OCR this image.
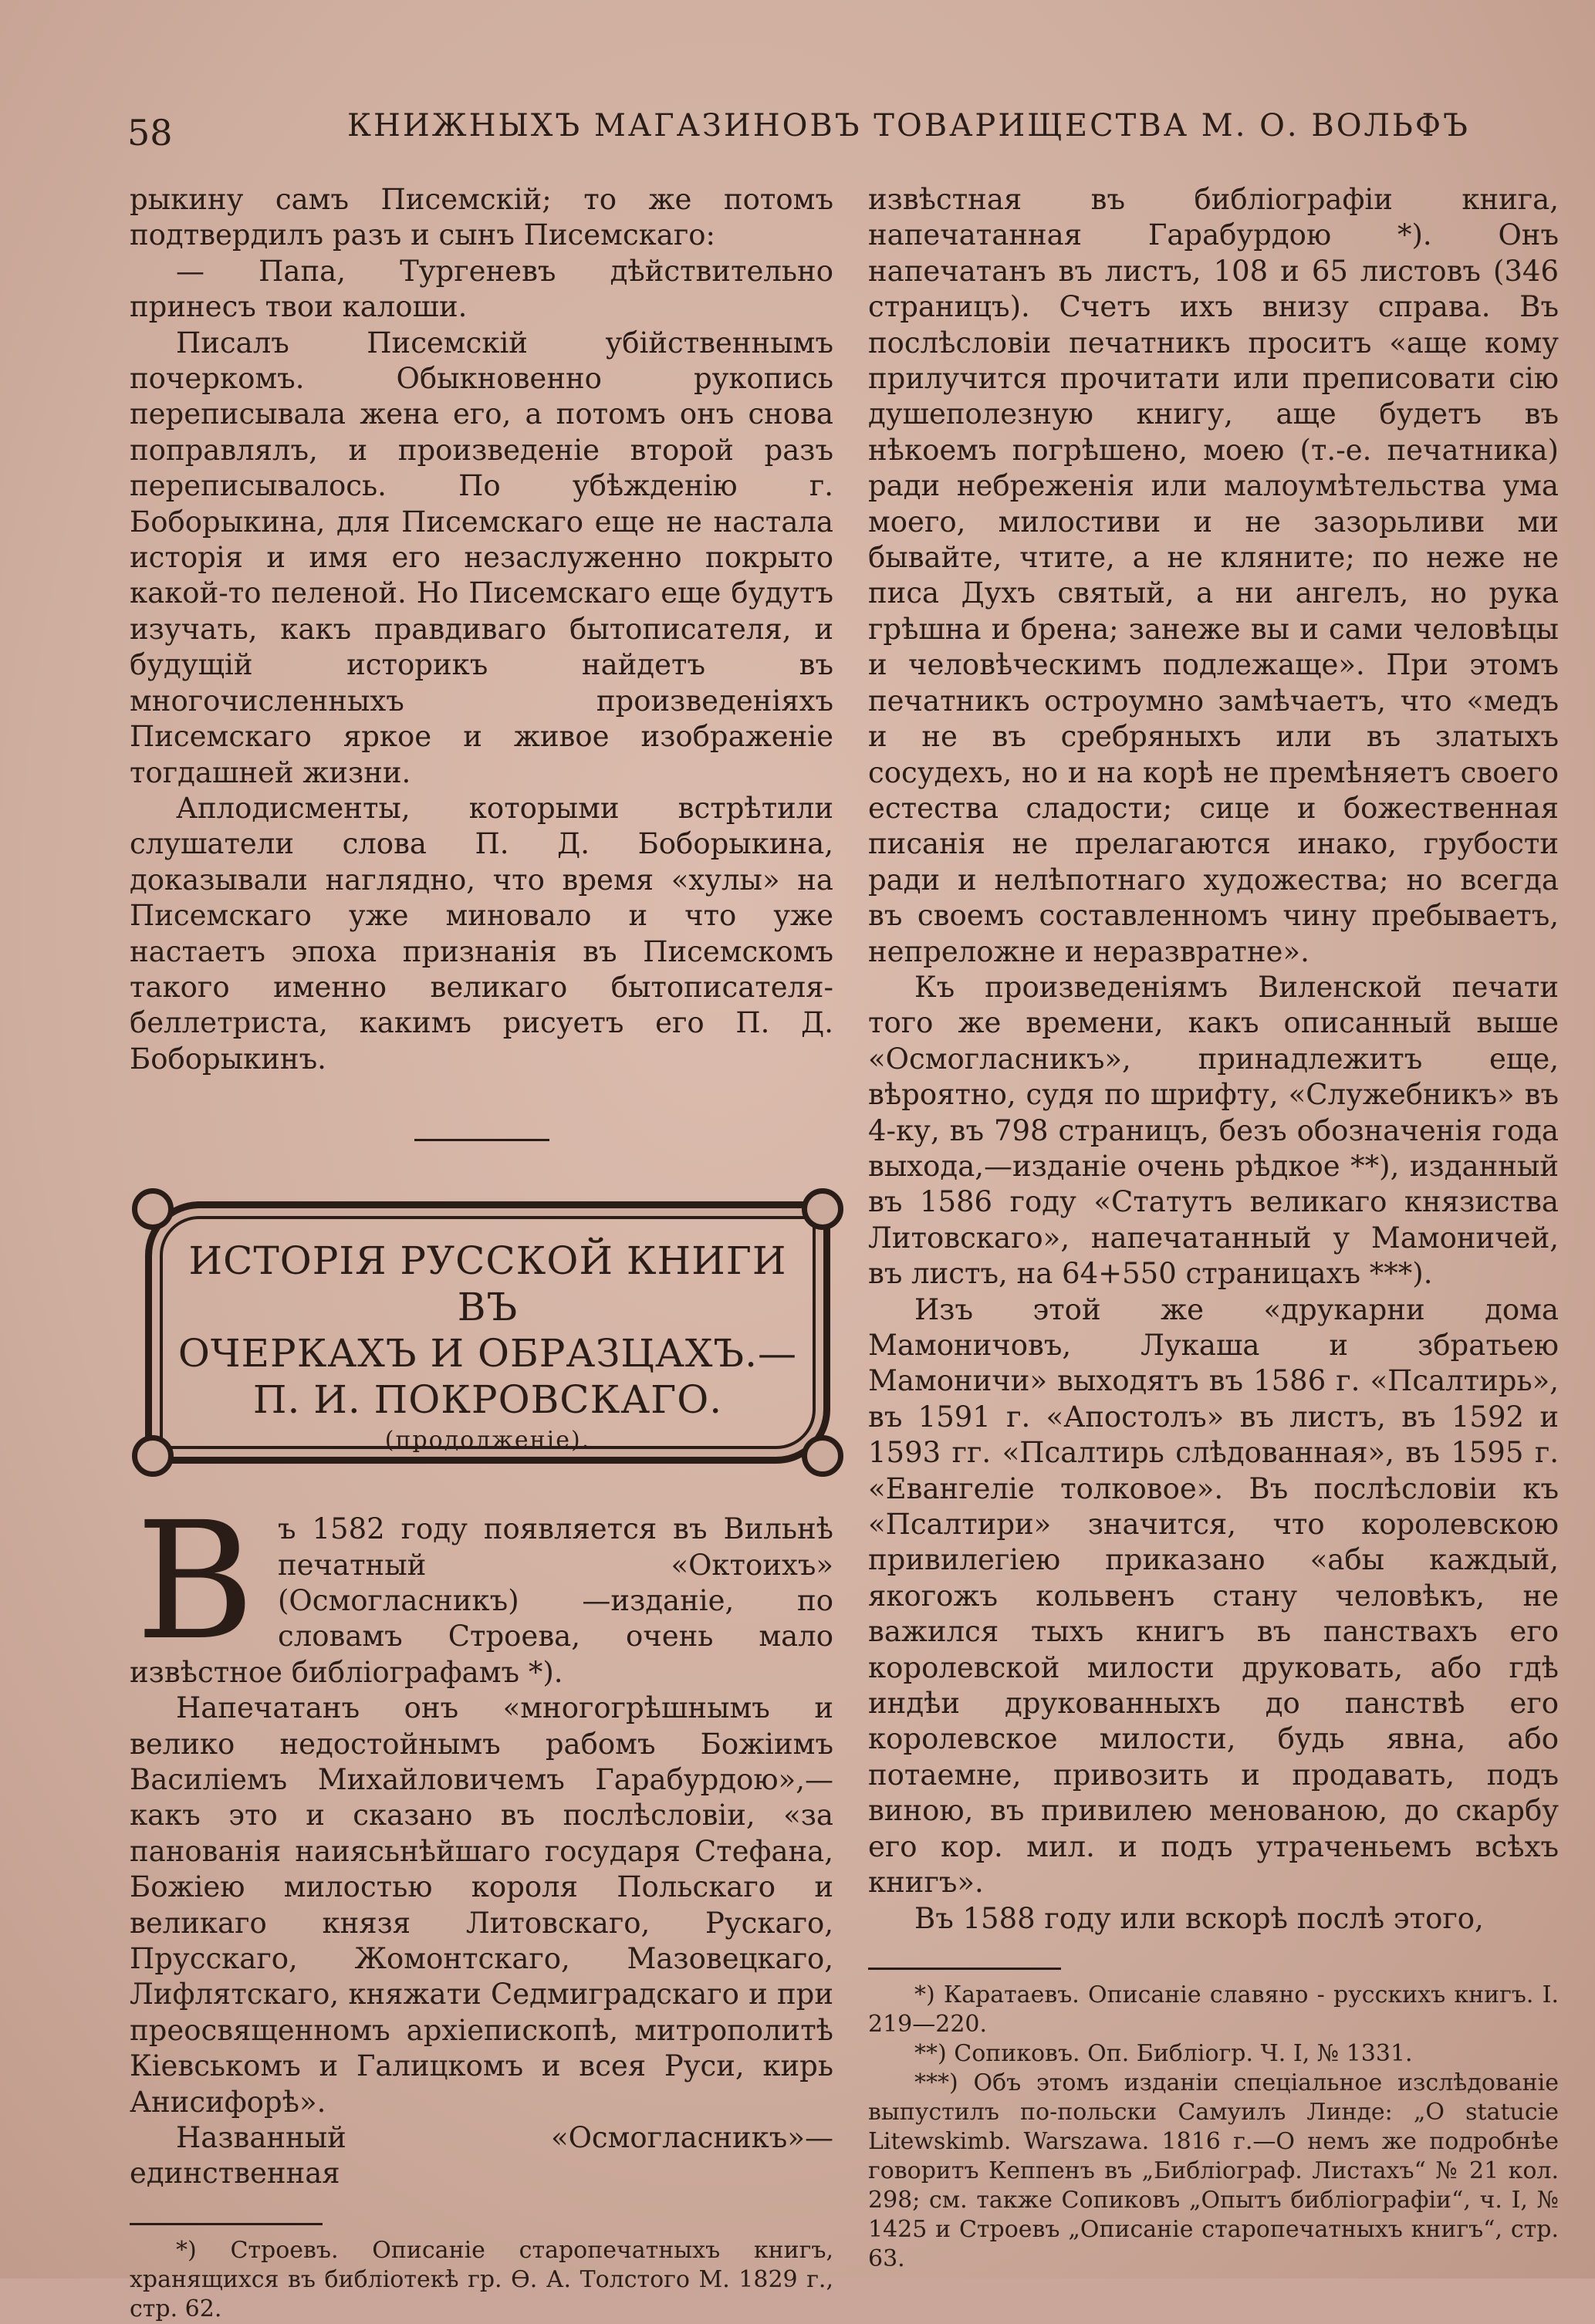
58	КНИЖНЫХЪ МАГАЗИНОВЪ ТОВАРИЩЕСТВА М. О. ВОЛЬФЪ

рыкину самъ Писемскій; то же потомъ подтвердилъ разъ и сынъ Писемскаго:

— Папа, Тургеневъ дѣйствительно принесъ твои калоши.

Писалъ Писемскій убійственнымъ почеркомъ. Обыкновенно рукопись переписывала жена его, а потомъ онъ снова поправлялъ, и произведеніе второй разъ переписывалось. По убѣжденію г. Боборыкина, для Писемскаго еще не настала исторія и имя его незаслуженно покрыто какой-то пеленой. Но Писемскаго еще будутъ изучать, какъ правдиваго бытописателя, и будущій историкъ найдетъ въ многочисленныхъ произведеніяхъ Писемскаго яркое и живое изображеніе тогдашней жизни.

Аплодисменты, которыми встрѣтили слушатели слова П. Д. Боборыкина, доказывали наглядно, что время «хулы» на Писемскаго уже миновало и что уже настаетъ эпоха признанія въ Писемскомъ такого именно великаго бытописателя-беллетриста, какимъ рисуетъ его П. Д. Боборыкинъ.

ИСТОРІЯ РУССКОЙ КНИГИ ВЪ
ОЧЕРКАХЪ И ОБРАЗЦАХЪ.—
П. И. ПОКРОВСКАГО.
(продолженіе).
В ъ 1582 году появляется въ Вильнѣ печатный «Октоихъ» (Осмогласникъ) —изданіе, по словамъ Строева, очень мало извѣстное библіографамъ *).

Напечатанъ онъ «многогрѣшнымъ и велико недостойнымъ рабомъ Божіимъ Василіемъ Михайловичемъ Гарабурдою»,—какъ это и сказано въ послѣсловіи, «за панованія наиясьнѣйшаго государя Стефана, Божіею милостью короля Польскаго и великаго князя Литовскаго, Рускаго, Прусскаго, Жомонтскаго, Мазовецкаго, Лифлятскаго, княжати Седмиградскаго и при преосвященномъ архіепископѣ, митрополитѣ Кіевськомъ и Галицкомъ и всея Руси, кирь Анисифорѣ».

Названный «Осмогласникъ»—единственная

*) Строевъ. Описаніе старопечатныхъ книгъ, хранящихся въ библіотекѣ гр. Ѳ. А. Толстого М. 1829 г., стр. 62.

извѣстная въ библіографіи книга, напечатанная Гарабурдою *). Онъ напечатанъ въ листъ, 108 и 65 листовъ (346 страницъ). Счетъ ихъ внизу справа. Въ послѣсловіи печатникъ проситъ «аще кому прилучится прочитати или преписовати сію душеполезную книгу, аще будетъ въ нѣкоемъ погрѣшено, моею (т.-е. печатника) ради небреженія или малоумѣтельства ума моего, милостиви и не зазорьливи ми бывайте, чтите, а не кляните; по неже не писа Духъ святый, а ни ангелъ, но рука грѣшна и брена; занеже вы и сами человѣцы и человѣческимъ подлежаще». При этомъ печатникъ остроумно замѣчаетъ, что «медъ и не въ сребряныхъ или въ златыхъ сосудехъ, но и на корѣ не премѣняетъ своего естества сладости; сице и божественная писанія не прелагаются инако, грубости ради и нелѣпотнаго художества; но всегда въ своемъ составленномъ чину пребываетъ, непреложне и неразвратне».

Къ произведеніямъ Виленской печати того же времени, какъ описанный выше «Осмогласникъ», принадлежитъ еще, вѣроятно, судя по шрифту, «Служебникъ» въ 4-ку, въ 798 страницъ, безъ обозначенія года выхода,—изданіе очень рѣдкое **), изданный въ 1586 году «Статутъ великаго князиства Литовскаго», напечатанный у Мамоничей, въ листъ, на 64+550 страницахъ ***).

Изъ этой же «друкарни дома Мамоничовъ, Лукаша и збратьею Мамоничи» выходятъ въ 1586 г. «Псалтирь», въ 1591 г. «Апостолъ» въ листъ, въ 1592 и 1593 гг. «Псалтирь слѣдованная», въ 1595 г. «Евангеліе толковое». Въ послѣсловіи къ «Псалтири» значится, что королевскою привилегіею приказано «абы каждый, якогожъ кольвенъ стану человѣкъ, не важился тыхъ книгъ въ панствахъ его королевской милости друковать, або гдѣ индѣи друкованныхъ до панствѣ его королевское милости, будь явна, або потаемне, привозить и продавать, подъ виною, въ привилею менованою, до скарбу его кор. мил. и подъ утраченьемъ всѣхъ книгъ».

Въ 1588 году или вскорѣ послѣ этого,

*) Каратаевъ. Описаніе славяно - русскихъ книгъ. I. 219—220.

**) Сопиковъ. Оп. Библіогр. Ч. I, № 1331.

***) Объ этомъ изданіи спеціальное изслѣдованіе выпустилъ по-польски Самуилъ Линде: „O statucie Litewskimb. Warszawa. 1816 г.—О немъ же подробнѣе говоритъ Кеппенъ въ „Библіограф. Листахъ“ № 21 кол. 298; см. также Сопиковъ „Опытъ библіографіи“, ч. I, № 1425 и Строевъ „Описаніе старопечатныхъ книгъ“, стр. 63.
